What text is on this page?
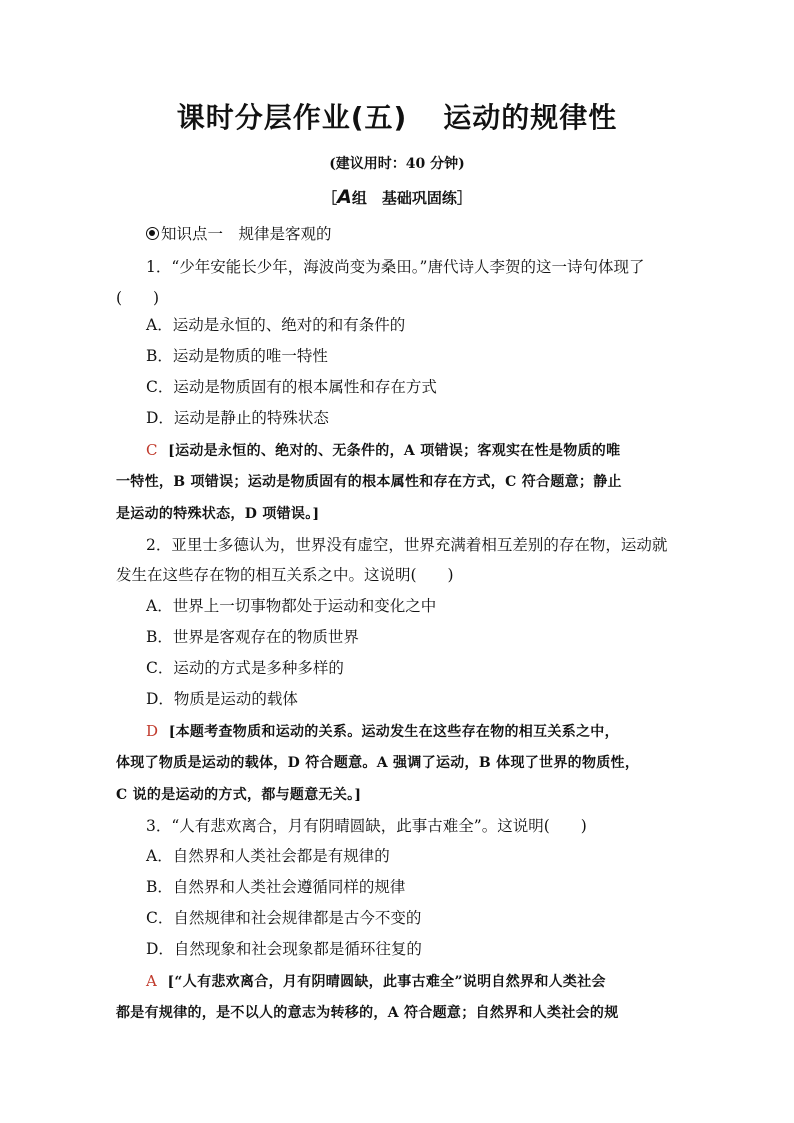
课时分层作业(五) 运动的规律性
(建议用时：40 分钟)
［A组　基础巩固练］
知识点一　规律是客观的
1．“少年安能长少年，海波尚变为桑田。”唐代诗人李贺的这一诗句体现了
(　　)
A．运动是永恒的、绝对的和有条件的
B．运动是物质的唯一特性
C．运动是物质固有的根本属性和存在方式
D．运动是静止的特殊状态
C [运动是永恒的、绝对的、无条件的，A 项错误；客观实在性是物质的唯
一特性，B 项错误；运动是物质固有的根本属性和存在方式，C 符合题意；静止
是运动的特殊状态，D 项错误。]
2．亚里士多德认为，世界没有虚空，世界充满着相互差别的存在物，运动就
发生在这些存在物的相互关系之中。这说明(　　)
A．世界上一切事物都处于运动和变化之中
B．世界是客观存在的物质世界
C．运动的方式是多种多样的
D．物质是运动的载体
D [本题考查物质和运动的关系。运动发生在这些存在物的相互关系之中，
体现了物质是运动的载体，D 符合题意。A 强调了运动，B 体现了世界的物质性，
C 说的是运动的方式，都与题意无关。]
3．“人有悲欢离合，月有阴晴圆缺，此事古难全”。这说明(　　)
A．自然界和人类社会都是有规律的
B．自然界和人类社会遵循同样的规律
C．自然规律和社会规律都是古今不变的
D．自然现象和社会现象都是循环往复的
A [“人有悲欢离合，月有阴晴圆缺，此事古难全”说明自然界和人类社会
都是有规律的，是不以人的意志为转移的，A 符合题意；自然界和人类社会的规
